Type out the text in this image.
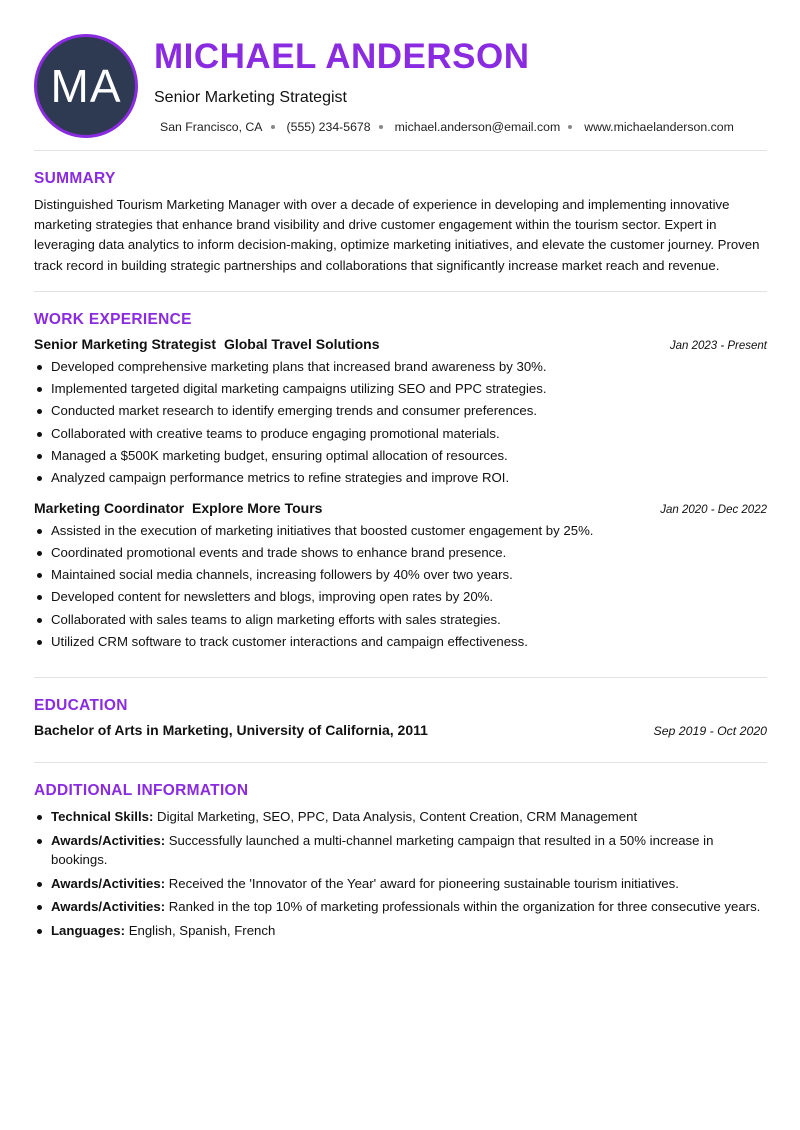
MA
MICHAEL ANDERSON
Senior Marketing Strategist
San Francisco, CA (555) 234-5678 michael.anderson@email.com www.michaelanderson.com
SUMMARY
Distinguished Tourism Marketing Manager with over a decade of experience in developing and implementing innovative marketing strategies that enhance brand visibility and drive customer engagement within the tourism sector. Expert in leveraging data analytics to inform decision-making, optimize marketing initiatives, and elevate the customer journey. Proven track record in building strategic partnerships and collaborations that significantly increase market reach and revenue.
WORK EXPERIENCE
Senior Marketing Strategist Global Travel Solutions	Jan 2023 - Present
Developed comprehensive marketing plans that increased brand awareness by 30%.
Implemented targeted digital marketing campaigns utilizing SEO and PPC strategies.
Conducted market research to identify emerging trends and consumer preferences.
Collaborated with creative teams to produce engaging promotional materials.
Managed a $500K marketing budget, ensuring optimal allocation of resources.
Analyzed campaign performance metrics to refine strategies and improve ROI.
Marketing Coordinator Explore More Tours	Jan 2020 - Dec 2022
Assisted in the execution of marketing initiatives that boosted customer engagement by 25%.
Coordinated promotional events and trade shows to enhance brand presence.
Maintained social media channels, increasing followers by 40% over two years.
Developed content for newsletters and blogs, improving open rates by 20%.
Collaborated with sales teams to align marketing efforts with sales strategies.
Utilized CRM software to track customer interactions and campaign effectiveness.
EDUCATION
Bachelor of Arts in Marketing, University of California, 2011	Sep 2019 - Oct 2020
ADDITIONAL INFORMATION
Technical Skills: Digital Marketing, SEO, PPC, Data Analysis, Content Creation, CRM Management
Awards/Activities: Successfully launched a multi-channel marketing campaign that resulted in a 50% increase in bookings.
Awards/Activities: Received the 'Innovator of the Year' award for pioneering sustainable tourism initiatives.
Awards/Activities: Ranked in the top 10% of marketing professionals within the organization for three consecutive years.
Languages: English, Spanish, French
